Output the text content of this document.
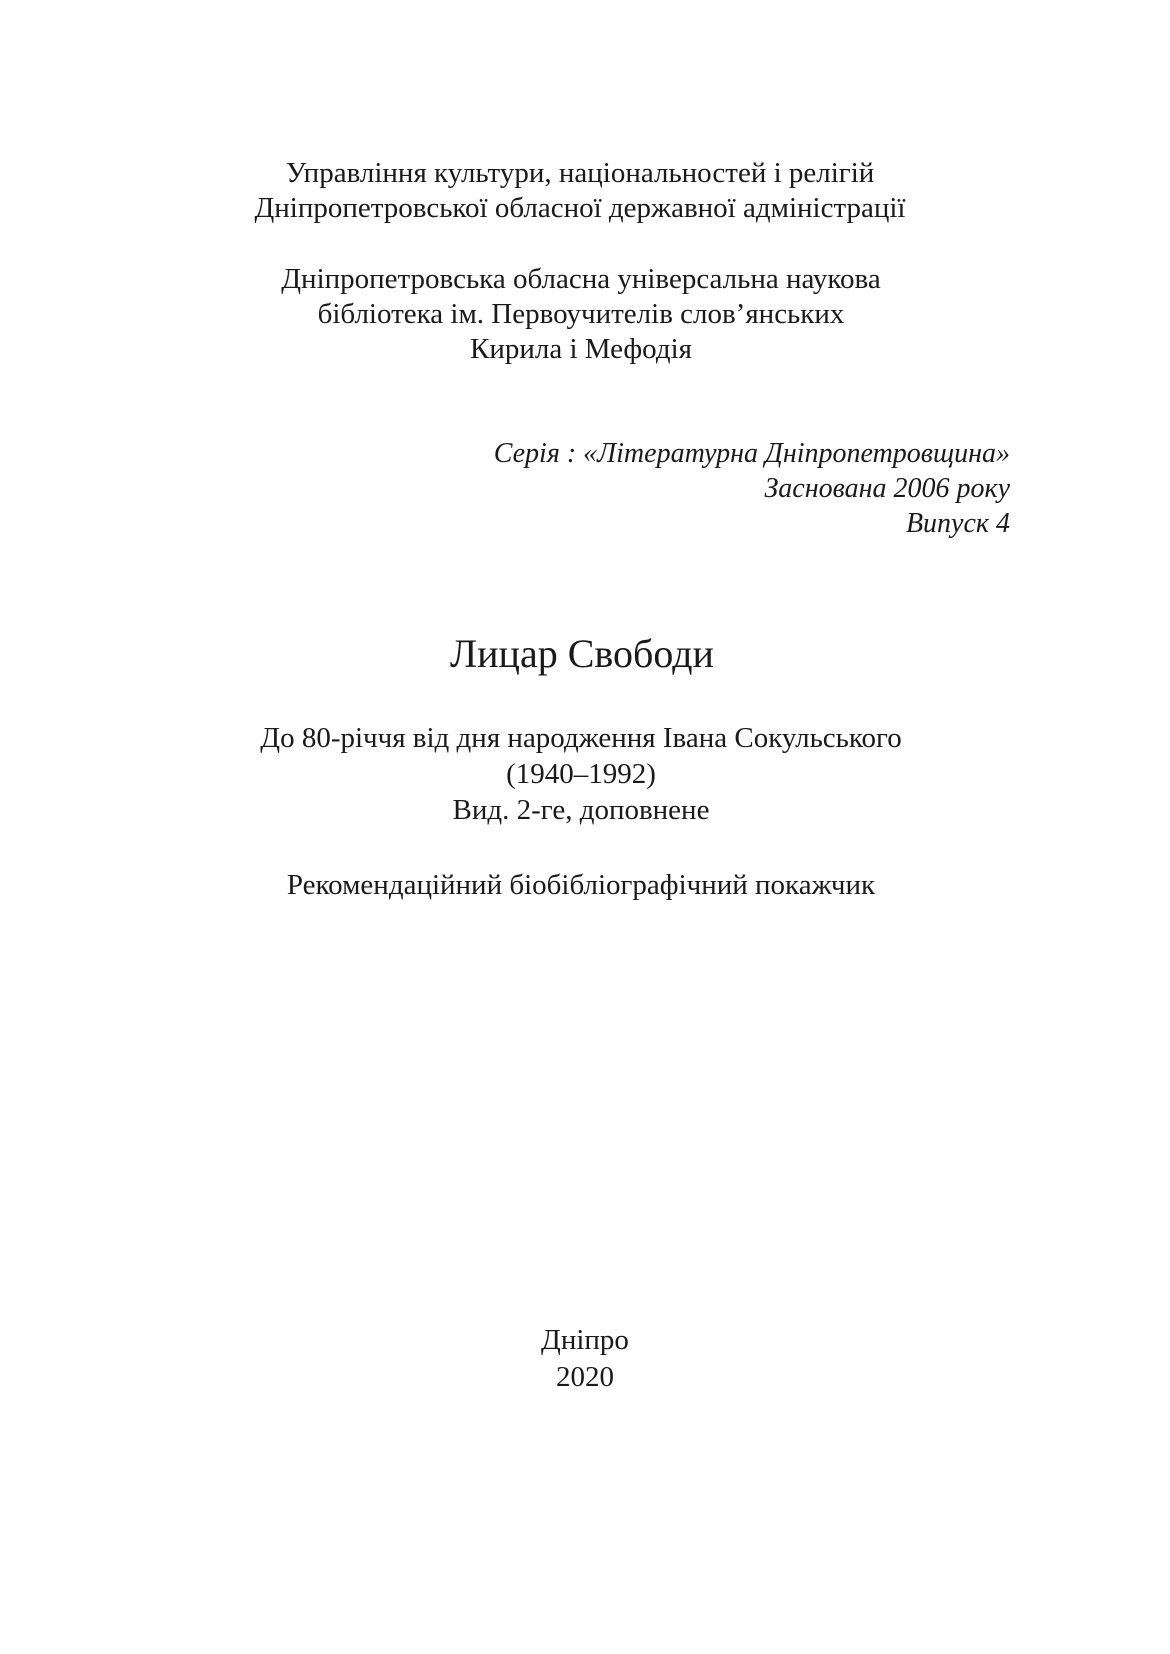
Управління культури, національностей і релігій
Дніпропетровської обласної державної адміністрації
Дніпропетровська обласна універсальна наукова
бібліотека ім. Первоучителів слов’янських
Кирила і Мефодія
Серія : «Літературна Дніпропетровщина»
Заснована 2006 року
Випуск 4
Лицар Свободи
До 80-річчя від дня народження Івана Сокульського
(1940–1992)
Вид. 2-ге, доповнене
Рекомендаційний біобібліографічний покажчик
Дніпро
2020
